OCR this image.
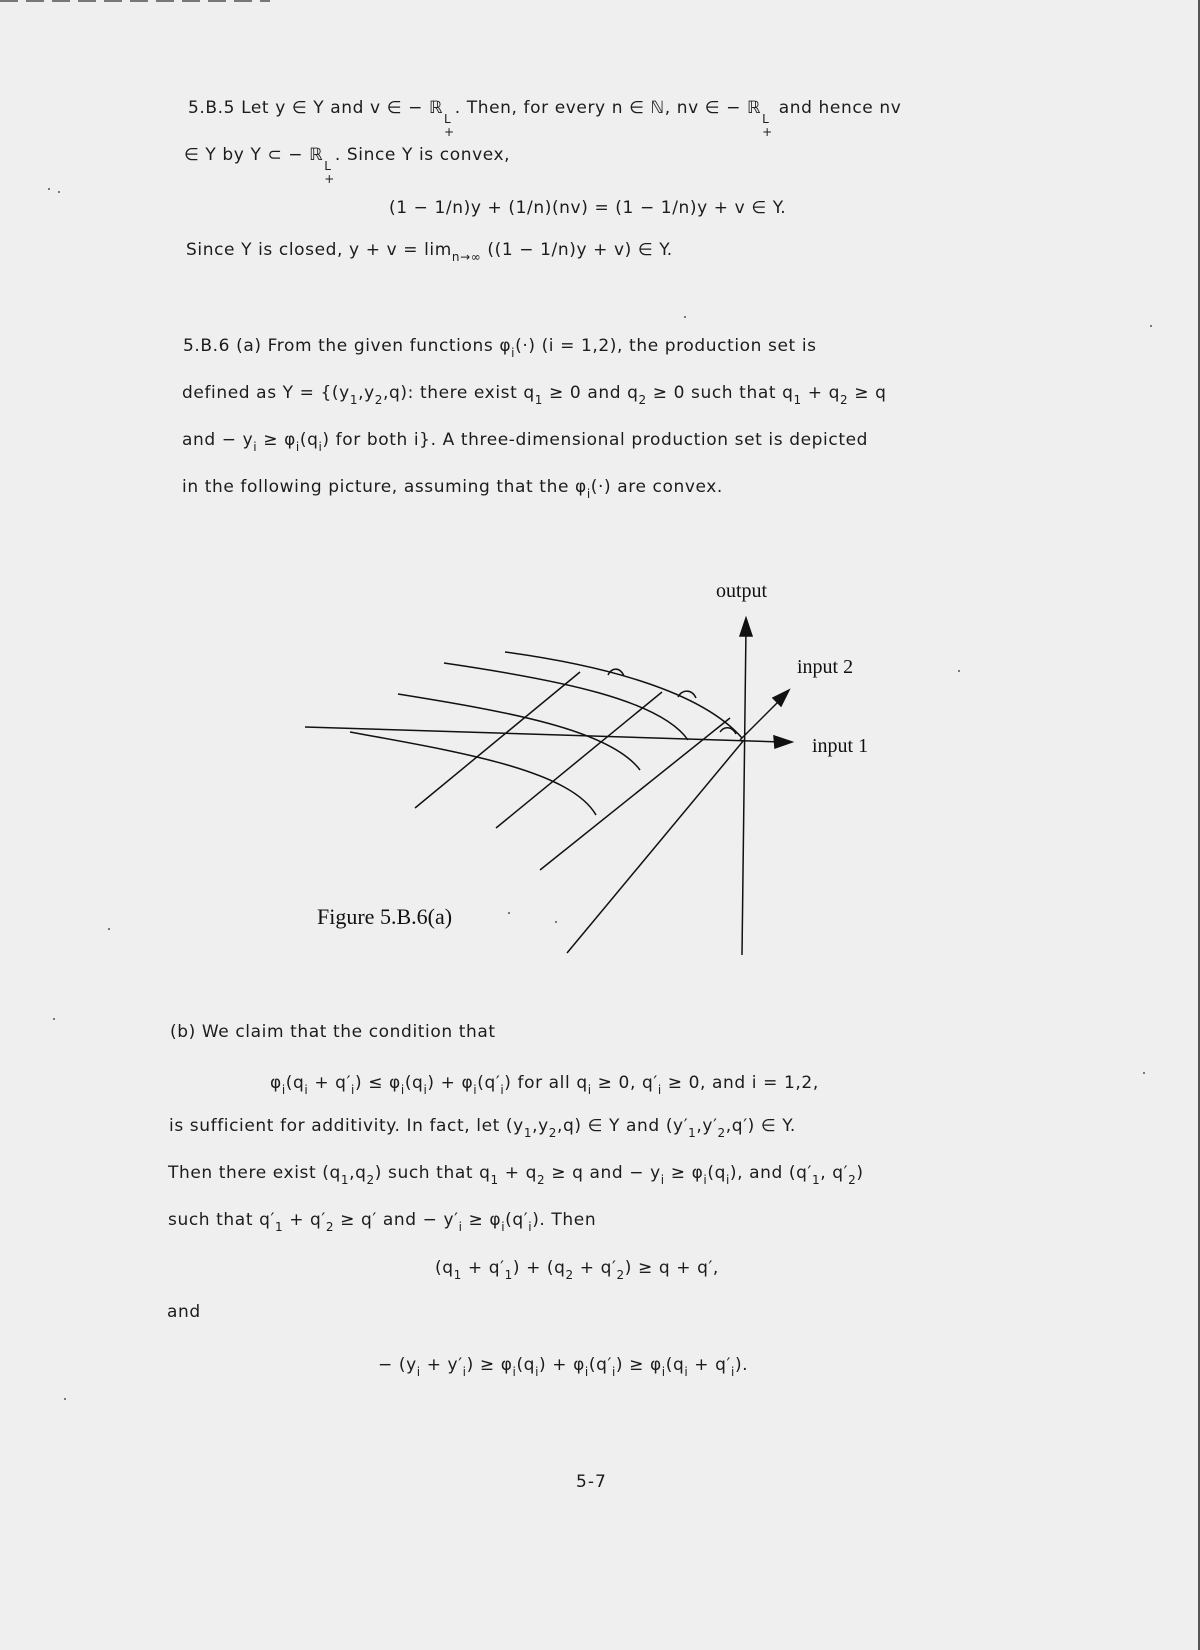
5.B.5 Let y ∈ Y and v ∈ − ℝ
L
+
. Then, for every n ∈ ℕ, nv ∈ − ℝ
L
+
and hence nv
∈ Y by Y ⊂ − ℝ
L
+
. Since Y is convex,
(1 − 1/n)y + (1/n)(nv) = (1 − 1/n)y + v ∈ Y.
Since Y is closed, $y + v = \lim_{n\to\infty} ((1 - 1/n)y + v)$ ∈ Y.
5.B.6 (a) From the given functions $\varphi_i(\cdot) (i = 1,2)$, the production set is
defined as $Y = \{(y_1,y_2,q)$: there exist $q_1 \ge 0$ and $q_2 \ge 0$ such that $q_1 + q_2 \ge q$
and − $y_i \ge \varphi_i(q_i)$ for both i}. A three-dimensional production set is depicted
in the following picture, assuming that the $\varphi_i(\cdot)$ are convex.
output
input 2
input 1
Figure 5.B.6(a)
(b) We claim that the condition that
$\varphi_i(q_i + q'_i) \le \varphi_i(q_i) + \varphi_i(q'_i)$ for all $q_i \ge 0$, $q'_i \ge 0$, and i = 1,2,
is sufficient for additivity. In fact, let $(y_1,y_2,q)$ ∈ Y and $(y'_1,y'_2,q')$ ∈ Y.
Then there exist $(q_1,q_2)$ such that $q_1 + q_2 \ge q$ and − $y_i \ge \varphi_i(q_i)$, and ($q'_1$, $q'_2$)
such that $q'_1 + q'_2 \ge q'$ and − $y'_i \ge \varphi_i(q'_i)$. Then
$(q_1 + q'_1) + (q_2 + q'_2) \ge q + q'$,
and
− $(y_i + y'_i) \ge \varphi_i(q_i) + \varphi_i(q'_i) \ge \varphi_i(q_i + q'_i)$.
5-7
